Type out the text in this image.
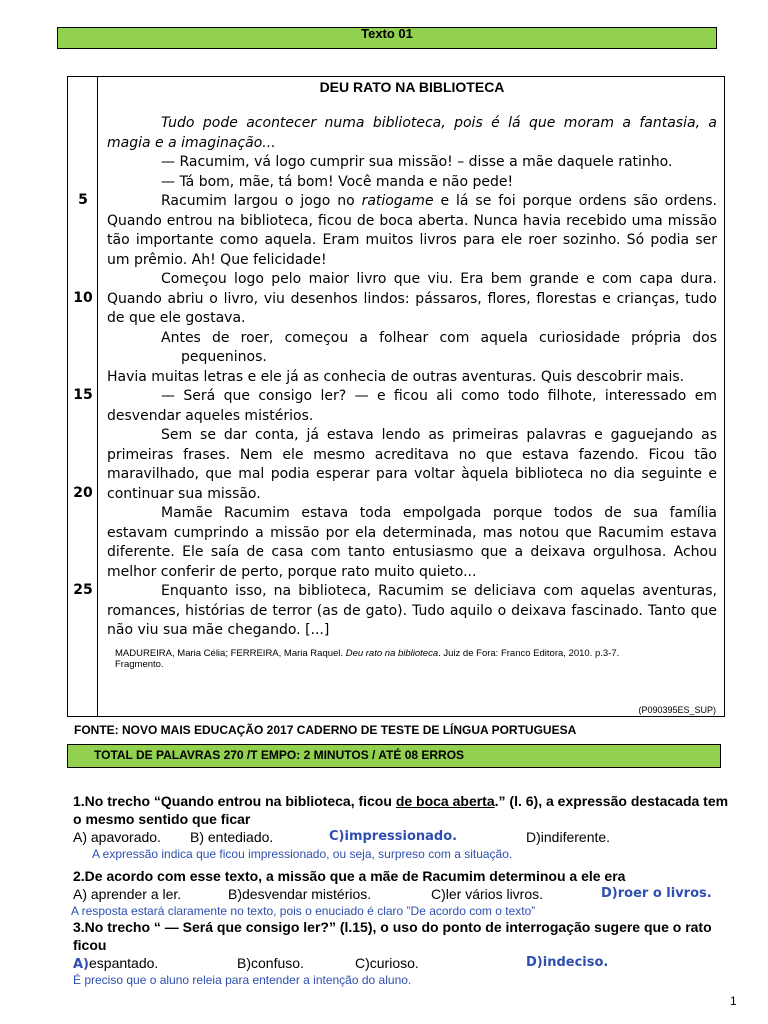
Texto 01
(P090395ES_SUP)
5
10
15
20
25
DEU RATO NA BIBLIOTECA

Tudo pode acontecer numa biblioteca, pois é lá que moram a fantasia, a magia e a imaginação...

— Racumim, vá logo cumprir sua missão! – disse a mãe daquele ratinho.

— Tá bom, mãe, tá bom! Você manda e não pede!

Racumim largou o jogo no ratiogame e lá se foi porque ordens são ordens. Quando entrou na biblioteca, ficou de boca aberta. Nunca havia recebido uma missão tão importante como aquela. Eram muitos livros para ele roer sozinho. Só podia ser um prêmio. Ah! Que felicidade!

Começou logo pelo maior livro que viu. Era bem grande e com capa dura. Quando abriu o livro, viu desenhos lindos: pássaros, flores, florestas e crianças, tudo de que ele gostava.

Antes de roer, começou a folhear com aquela curiosidade própria dos pequeninos.

Havia muitas letras e ele já as conhecia de outras aventuras. Quis descobrir mais.

— Será que consigo ler? — e ficou ali como todo filhote, interessado em desvendar aqueles mistérios.

Sem se dar conta, já estava lendo as primeiras palavras e gaguejando as primeiras frases. Nem ele mesmo acreditava no que estava fazendo. Ficou tão maravilhado, que mal podia esperar para voltar àquela biblioteca no dia seguinte e continuar sua missão.

Mamãe Racumim estava toda empolgada porque todos de sua família estavam cumprindo a missão por ela determinada, mas notou que Racumim estava diferente. Ele saía de casa com tanto entusiasmo que a deixava orgulhosa. Achou melhor conferir de perto, porque rato muito quieto...

Enquanto isso, na biblioteca, Racumim se deliciava com aquelas aventuras, romances, histórias de terror (as de gato). Tudo aquilo o deixava fascinado. Tanto que não viu sua mãe chegando. [...]

MADUREIRA, Maria Célia; FERREIRA, Maria Raquel. Deu rato na biblioteca. Juiz de Fora: Franco Editora, 2010. p.3-7.
Fragmento.
FONTE: NOVO MAIS EDUCAÇÃO 2017 CADERNO DE TESTE DE LÍNGUA PORTUGUESA
TOTAL DE PALAVRAS 270 /T EMPO: 2 MINUTOS / ATÉ 08 ERROS

1.No trecho “Quando entrou na biblioteca, ficou de boca aberta.” (l. 6), a expressão destacada tem o mesmo sentido que ficar

A) apavorado. B) entediado.	C)impressionado.	D)indiferente.

A expressão indica que ficou impressionado, ou seja, surpreso com a situação.

2.De acordo com esse texto, a missão que a mãe de Racumim determinou a ele era

A) aprender a ler.	B)desvendar mistérios.	C)ler vários livros.	D)roer o livros.

A resposta estará claramente no texto, pois o enuciado é claro ”De acordo com o texto”

3.No trecho “ — Será que consigo ler?” (l.15), o uso do ponto de interrogação sugere que o rato ficou

A)espantado.	B)confuso.	C)curioso.	D)indeciso.

É preciso que o aluno releia para entender a intenção do aluno.

1
